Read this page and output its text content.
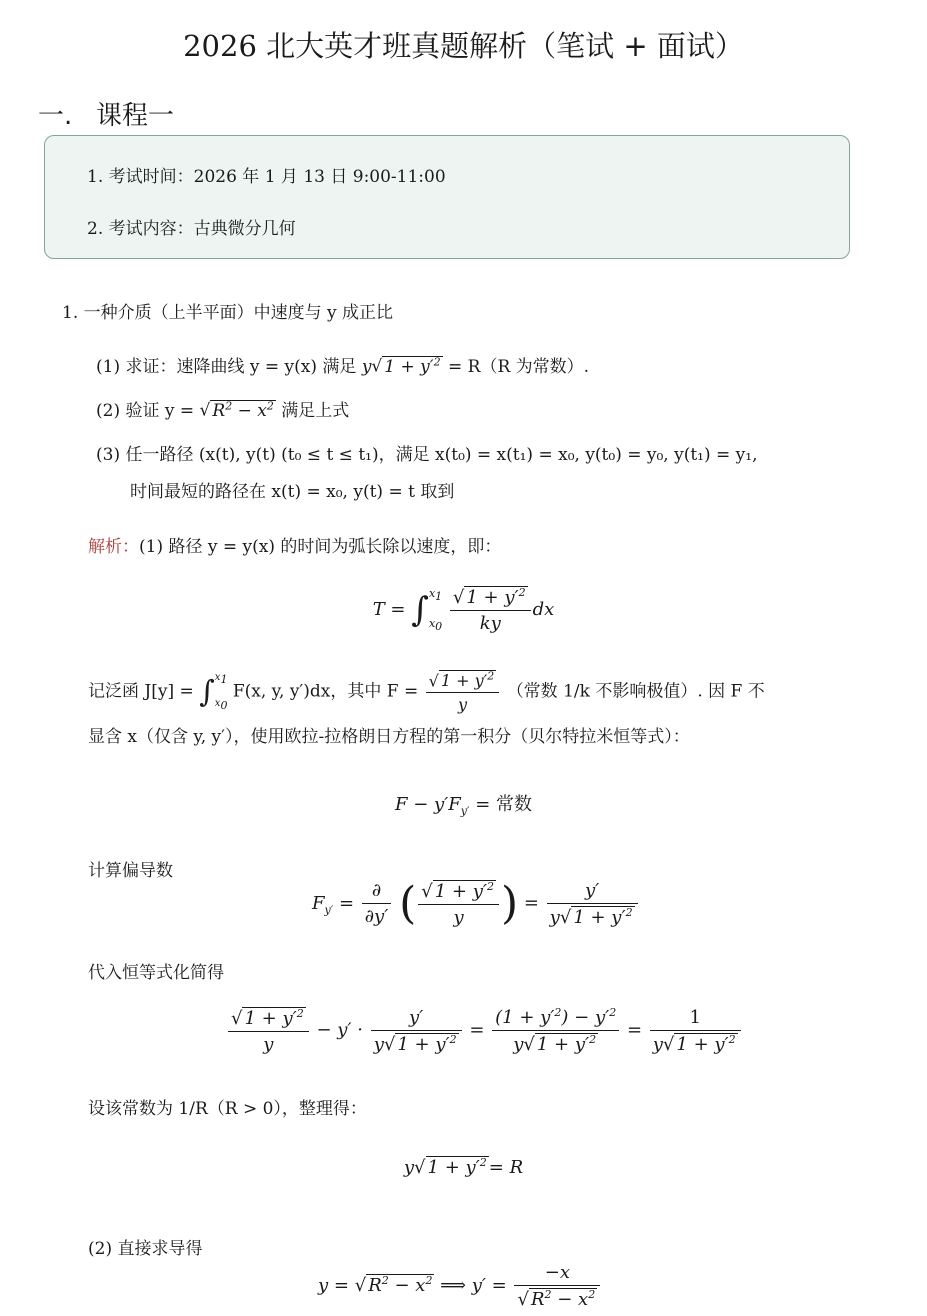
2026 北大英才班真题解析（笔试 + 面试）
一. 课程一
1. 考试时间：2026 年 1 月 13 日 9:00-11:00
2. 考试内容：古典微分几何
1. 一种介质（上半平面）中速度与 y 成正比
(1) 求证：速降曲线 y = y(x) 满足 y√ $1 + y'^2 = R(R$ 为常数）.
(2) 验证 y = √ $R^2 - x^2$ 满足上式
(3) 任一路径 (x(t), y(t) (t₀ ≤ t ≤ t₁)，满足 x(t₀) = x(t₁) = x₀, y(t₀) = y₀, y(t₁) = y₁,
时间最短的路径在 x(t) = x₀, y(t) = t 取到
解析：(1) 路径 y = y(x) 的时间为弧长除以速度，即：
T = ∫ $x_1$
$x_0$
$\frac{√ 1 + y'^2}{ky}$ dx
记泛函 J[y] = ∫ $x_1$
$x_0$
F(x, y, y′)dx，其中 $F = \frac{√ 1 + y'^2}{y}$ （常数 1/k 不影响极值）. 因 F 不
显含 x（仅含 y, y′），使用欧拉-拉格朗日方程的第一积分（贝尔特拉米恒等式）：
$F - y'F_{y'}$ = 常数
计算偏导数
$F_{y'} = \frac{\partial}{\partial y'}$ ( $\frac{√ 1 + y'^2}{y}$ ) = $\frac{y'}{y√ 1 + y'^2}$
代入恒等式化简得
$\frac{√ 1 + y'^2}{y} - y' \cdot \frac{y'}{y√ 1 + y'^2} = \frac{(1 + y'^2) - y'^2}{y√ 1 + y'^2} = \frac{1}{y√ 1 + y'^2}$
设该常数为 1/R（R > 0），整理得：
y√ $1 + y'^2 = R$
(2) 直接求导得
y = √ $R^2 - x^2$ ⟹ $y' = \frac{-x}{√ R^2 - x^2}$
